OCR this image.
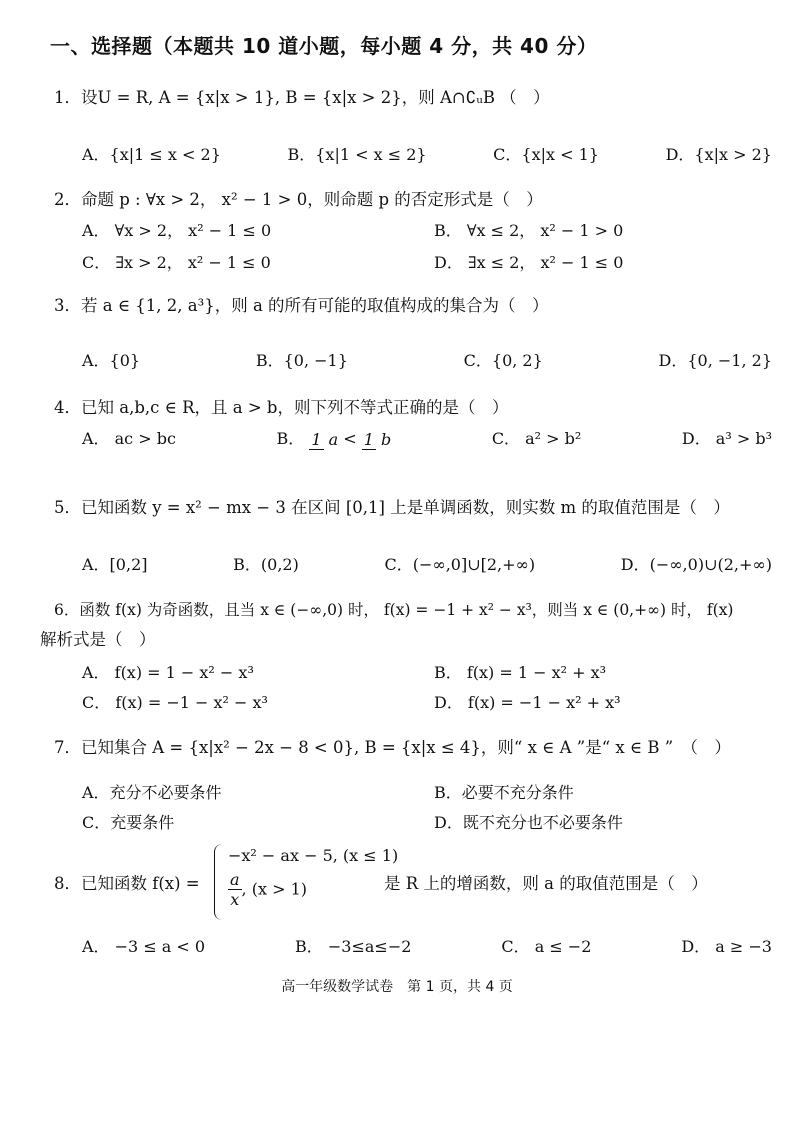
一、选择题（本题共 10 道小题，每小题 4 分，共 40 分）
1．设U = R, A = {x|x > 1}, B = {x|x > 2}，则 A∩∁ᵤB （　）
A．{x|1 ≤ x < 2}	B．{x|1 < x ≤ 2}	C．{x|x < 1}	D．{x|x > 2}
2．命题 p : ∀x > 2， x² − 1 > 0，则命题 p 的否定形式是（　）
A． ∀x > 2， x² − 1 ≤ 0	B． ∀x ≤ 2， x² − 1 > 0
C． ∃x > 2， x² − 1 ≤ 0	D． ∃x ≤ 2， x² − 1 ≤ 0
3．若 a ∈ {1, 2, a³}，则 a 的所有可能的取值构成的集合为（　）
A．{0}	B．{0, −1}	C．{0, 2}	D．{0, −1, 2}
4．已知 a,b,c ∈ R，且 a > b，则下列不等式正确的是（　）
A． ac > bc	B． 1 a < 1 b	C． a² > b²	D． a³ > b³
5．已知函数 y = x² − mx − 3 在区间 [0,1] 上是单调函数，则实数 m 的取值范围是（　）
A．[0,2]	B．(0,2)	C．(−∞,0]∪[2,+∞)	D．(−∞,0)∪(2,+∞)
6．函数 f(x) 为奇函数，且当 x ∈ (−∞,0) 时， f(x) = −1 + x² − x³，则当 x ∈ (0,+∞) 时， f(x)
解析式是（　）
A． f(x) = 1 − x² − x³	B． f(x) = 1 − x² + x³
C． f(x) = −1 − x² − x³	D． f(x) = −1 − x² + x³
7．已知集合 A = {x|x² − 2x − 8 < 0}, B = {x|x ≤ 4}，则“ x ∈ A ”是“ x ∈ B ”　（　）
A．充分不必要条件	B．必要不充分条件
C．充要条件	D．既不充分也不必要条件
8．已知函数 f(x) =
−x² − ax − 5, (x ≤ 1)
$\frac{a}{x}$ , (x > 1)	是 R 上的增函数，则 a 的取值范围是（　）
A． −3 ≤ a < 0	B． −3≤a≤−2	C． a ≤ −2	D． a ≥ −3
高一年级数学试卷　第 1 页，共 4 页
